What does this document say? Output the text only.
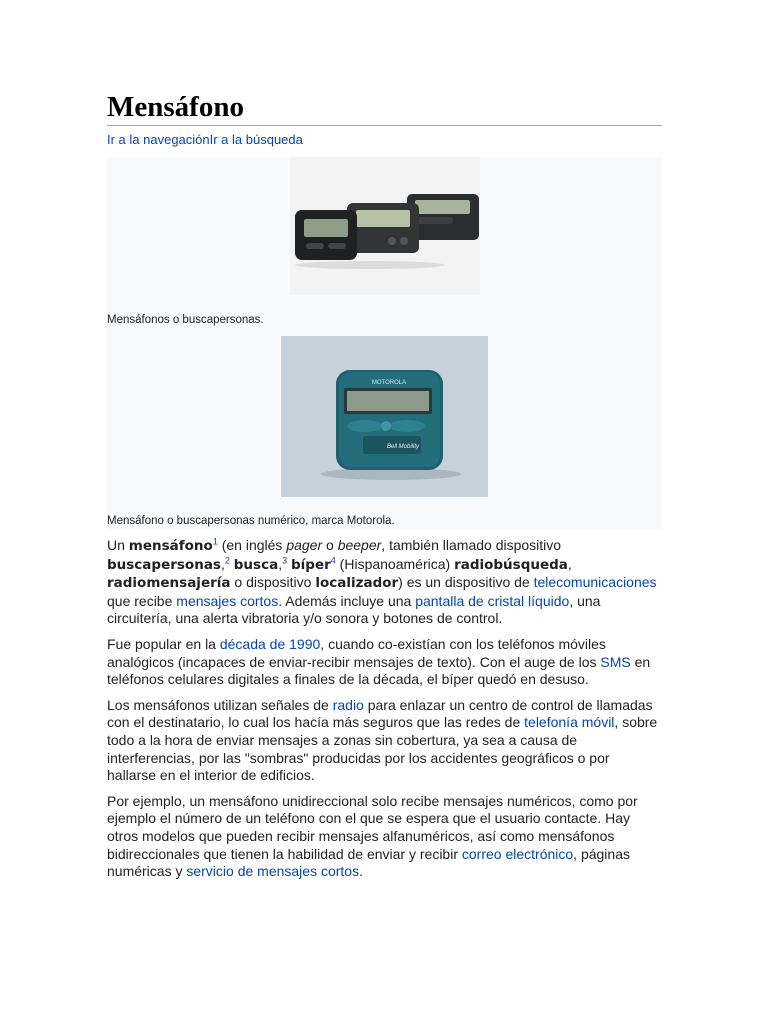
Mensáfono
Ir a la navegaciónIr a la búsqueda
Mensáfonos o buscapersonas.
MOTOROLA
Bell Mobility
Mensáfono o buscapersonas numérico, marca Motorola.

Un mensáfono$^1$ (en inglés pager o beeper, también llamado dispositivo buscapersonas,$^2$ busca,$^3$ bíper$^4$ (Hispanoamérica) radiobúsqueda, radiomensajería o dispositivo localizador) es un dispositivo de telecomunicaciones que recibe mensajes cortos. Además incluye una pantalla de cristal líquido, una circuitería, una alerta vibratoria y/o sonora y botones de control.

Fue popular en la década de 1990, cuando co-existían con los teléfonos móviles analógicos (incapaces de enviar-recibir mensajes de texto). Con el auge de los SMS en teléfonos celulares digitales a finales de la década, el bíper quedó en desuso.

Los mensáfonos utilizan señales de radio para enlazar un centro de control de llamadas con el destinatario, lo cual los hacía más seguros que las redes de telefonía móvil, sobre todo a la hora de enviar mensajes a zonas sin cobertura, ya sea a causa de interferencias, por las "sombras" producidas por los accidentes geográficos o por hallarse en el interior de edificios.

Por ejemplo, un mensáfono unidireccional solo recibe mensajes numéricos, como por ejemplo el número de un teléfono con el que se espera que el usuario contacte. Hay otros modelos que pueden recibir mensajes alfanuméricos, así como mensáfonos bidireccionales que tienen la habilidad de enviar y recibir correo electrónico, páginas numéricas y servicio de mensajes cortos.
